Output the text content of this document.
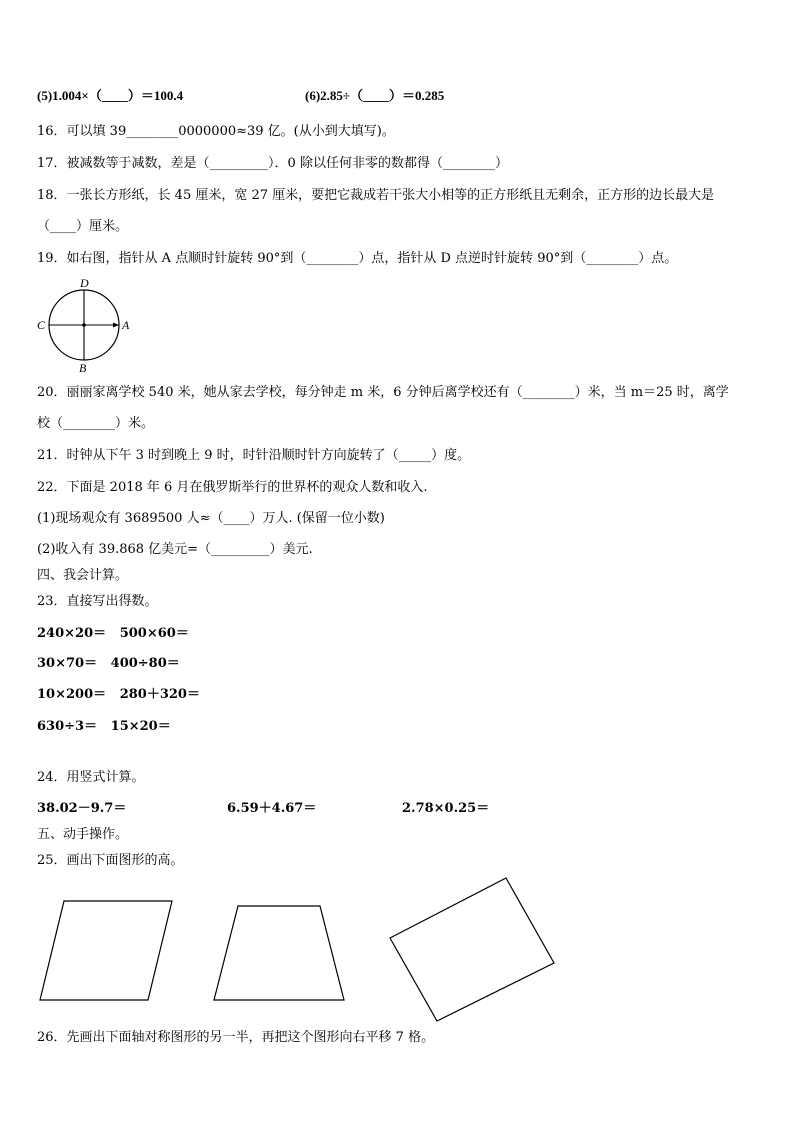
(5)1.004×（____）＝100.4	(6)2.85÷（____）＝0.285
16．可以填 39________0000000≈39 亿。(从小到大填写)。
17．被减数等于减数，差是（_________）．0 除以任何非零的数都得（________）
18．一张长方形纸，长 45 厘米，宽 27 厘米，要把它裁成若干张大小相等的正方形纸且无剩余，正方形的边长最大是
（____）厘米。
19．如右图，指针从 A 点顺时针旋转 90°到（________）点，指针从 D 点逆时针旋转 90°到（________）点。
D
C	A
B
20．丽丽家离学校 540 米，她从家去学校，每分钟走 m 米，6 分钟后离学校还有（________）米，当 m＝25 时，离学
校（________）米。
21．时钟从下午 3 时到晚上 9 时，时针沿顺时针方向旋转了（_____）度。
22．下面是 2018 年 6 月在俄罗斯举行的世界杯的观众人数和收入.
(1)现场观众有 3689500 人≈（____）万人. (保留一位小数)
(2)收入有 39.868 亿美元=（_________）美元.
四、我会计算。
23．直接写出得数。
240×20＝   500×60＝
30×70＝   400÷80＝
10×200＝   280＋320＝
630÷3＝   15×20＝
24．用竖式计算。
38.02－9.7＝	6.59＋4.67＝	2.78×0.25＝
五、动手操作。
25．画出下面图形的高。
26．先画出下面轴对称图形的另一半，再把这个图形向右平移 7 格。
